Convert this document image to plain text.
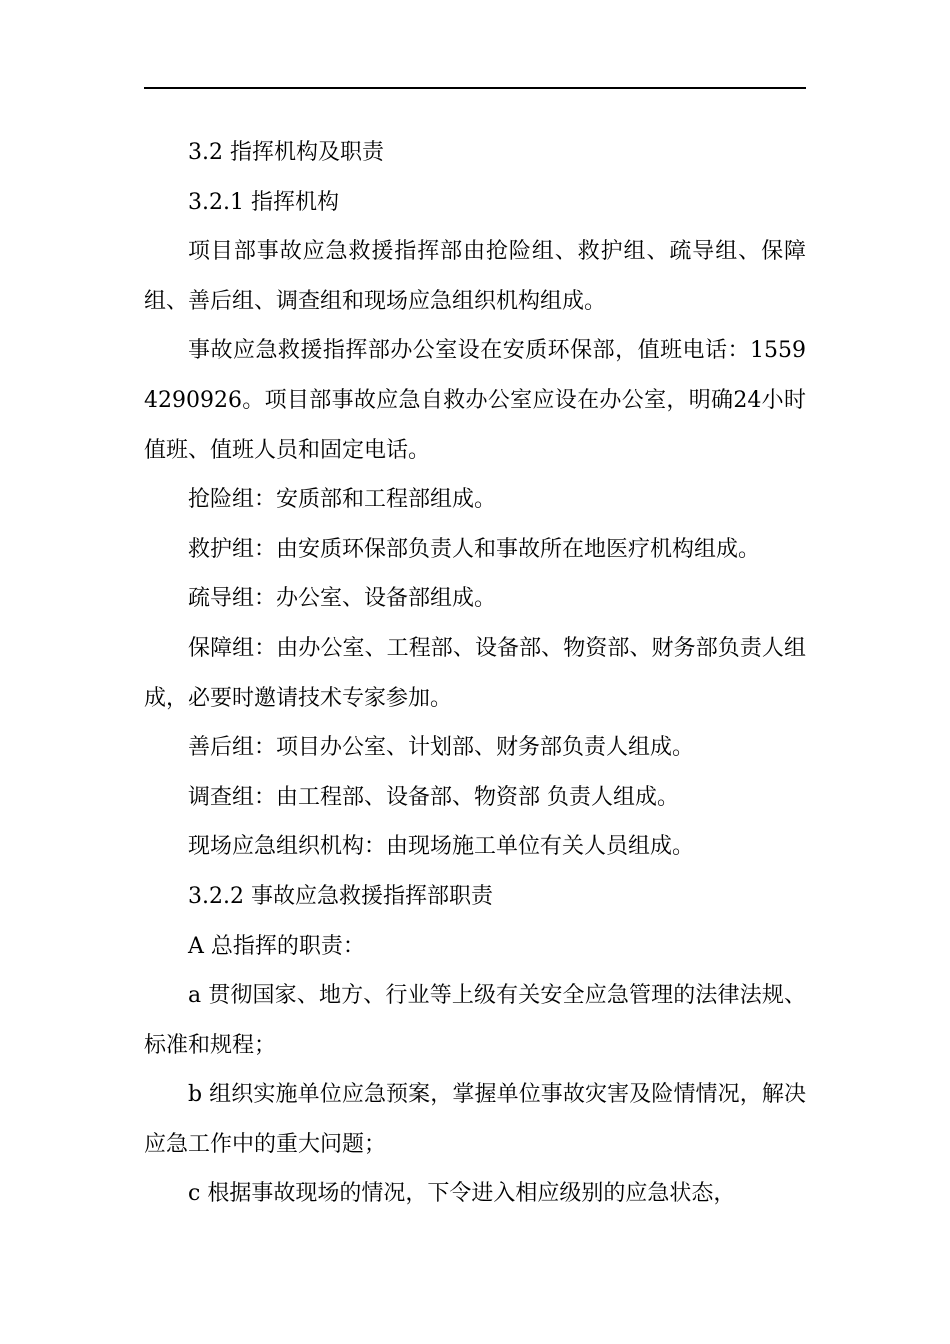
3.2 指挥机构及职责

3.2.1 指挥机构

项目部事故应急救援指挥部由抢险组、救护组、疏导组、保障组、善后组、调查组和现场应急组织机构组成。

事故应急救援指挥部办公室设在安质环保部，值班电话：15594290926。项目部事故应急自救办公室应设在办公室，明确24小时值班、值班人员和固定电话。

抢险组：安质部和工程部组成。

救护组：由安质环保部负责人和事故所在地医疗机构组成。

疏导组：办公室、设备部组成。

保障组：由办公室、工程部、设备部、物资部、财务部负责人组成，必要时邀请技术专家参加。

善后组：项目办公室、计划部、财务部负责人组成。

调查组：由工程部、设备部、物资部 负责人组成。

现场应急组织机构：由现场施工单位有关人员组成。

3.2.2 事故应急救援指挥部职责

A 总指挥的职责：

a 贯彻国家、地方、行业等上级有关安全应急管理的法律法规、标准和规程；

b 组织实施单位应急预案，掌握单位事故灾害及险情情况，解决应急工作中的重大问题；

c 根据事故现场的情况，下令进入相应级别的应急状态，
